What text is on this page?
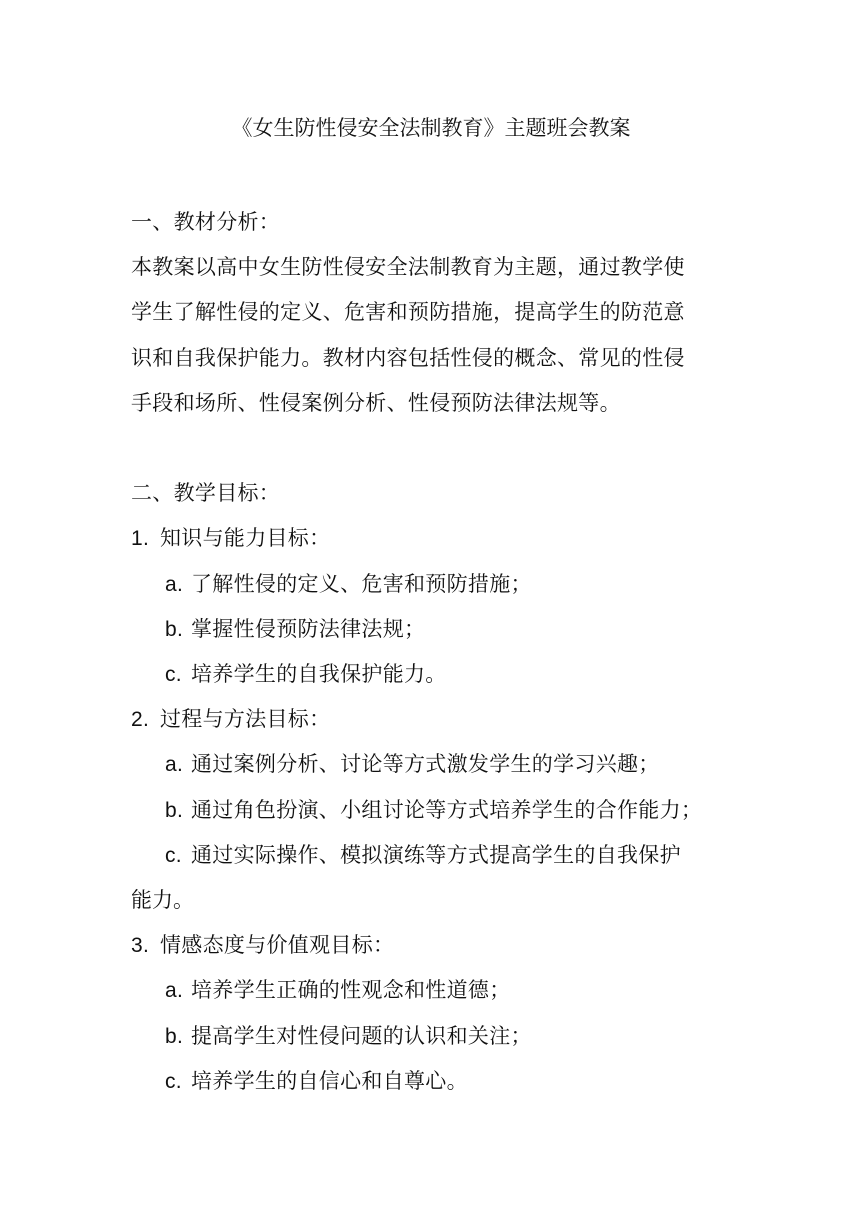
《女生防性侵安全法制教育》主题班会教案

一、教材分析：

本教案以高中女生防性侵安全法制教育为主题，通过教学使

学生了解性侵的定义、危害和预防措施，提高学生的防范意

识和自我保护能力。教材内容包括性侵的概念、常见的性侵

手段和场所、性侵案例分析、性侵预防法律法规等。

二、教学目标：

1. 知识与能力目标：

a. 了解性侵的定义、危害和预防措施；

b. 掌握性侵预防法律法规；

c. 培养学生的自我保护能力。

2. 过程与方法目标：

a. 通过案例分析、讨论等方式激发学生的学习兴趣；

b. 通过角色扮演、小组讨论等方式培养学生的合作能力；

c. 通过实际操作、模拟演练等方式提高学生的自我保护

能力。

3. 情感态度与价值观目标：

a. 培养学生正确的性观念和性道德；

b. 提高学生对性侵问题的认识和关注；

c. 培养学生的自信心和自尊心。
